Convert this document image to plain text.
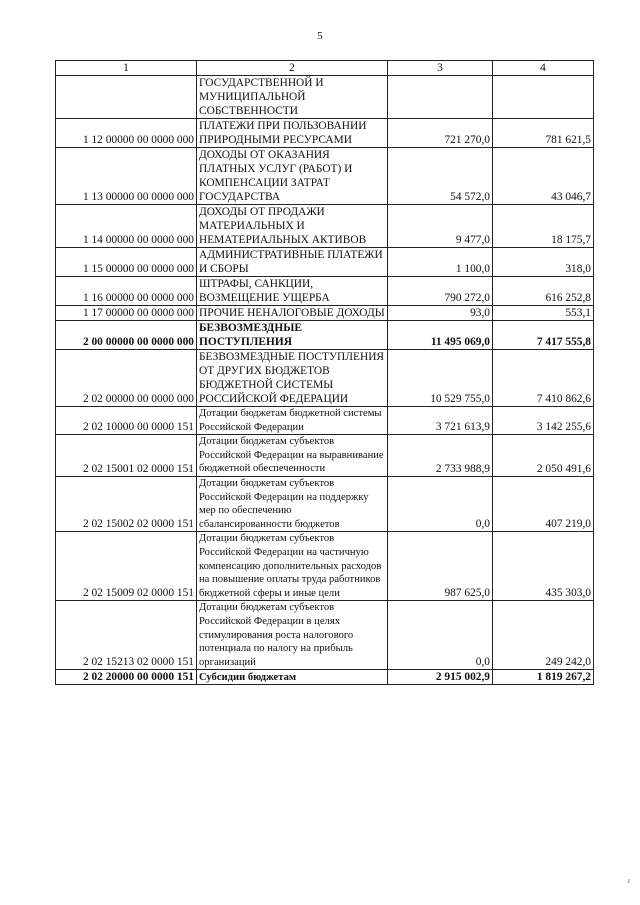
5
1	2	3	4
	ГОСУДАРСТВЕННОЙ И МУНИЦИПАЛЬНОЙ СОБСТВЕННОСТИ		
1 12 00000 00 0000 000	ПЛАТЕЖИ ПРИ ПОЛЬЗОВАНИИ ПРИРОДНЫМИ РЕСУРСАМИ	721 270,0	781 621,5
1 13 00000 00 0000 000	ДОХОДЫ ОТ ОКАЗАНИЯ ПЛАТНЫХ УСЛУГ (РАБОТ) И КОМПЕНСАЦИИ ЗАТРАТ ГОСУДАРСТВА	54 572,0	43 046,7
1 14 00000 00 0000 000	ДОХОДЫ ОТ ПРОДАЖИ МАТЕРИАЛЬНЫХ И НЕМАТЕРИАЛЬНЫХ АКТИВОВ	9 477,0	18 175,7
1 15 00000 00 0000 000	АДМИНИСТРАТИВНЫЕ ПЛАТЕЖИ И СБОРЫ	1 100,0	318,0
1 16 00000 00 0000 000	ШТРАФЫ, САНКЦИИ, ВОЗМЕЩЕНИЕ УЩЕРБА	790 272,0	616 252,8
1 17 00000 00 0000 000	ПРОЧИЕ НЕНАЛОГОВЫЕ ДОХОДЫ	93,0	553,1
2 00 00000 00 0000 000	БЕЗВОЗМЕЗДНЫЕ ПОСТУПЛЕНИЯ	11 495 069,0	7 417 555,8
2 02 00000 00 0000 000	БЕЗВОЗМЕЗДНЫЕ ПОСТУПЛЕНИЯ ОТ ДРУГИХ БЮДЖЕТОВ БЮДЖЕТНОЙ СИСТЕМЫ РОССИЙСКОЙ ФЕДЕРАЦИИ	10 529 755,0	7 410 862,6
2 02 10000 00 0000 151	Дотации бюджетам бюджетной системы Российской Федерации	3 721 613,9	3 142 255,6
2 02 15001 02 0000 151	Дотации бюджетам субъектов Российской Федерации на выравнивание бюджетной обеспеченности	2 733 988,9	2 050 491,6
2 02 15002 02 0000 151	Дотации бюджетам субъектов Российской Федерации на поддержку мер по обеспечению сбалансированности бюджетов	0,0	407 219,0
2 02 15009 02 0000 151	Дотации бюджетам субъектов Российской Федерации на частичную компенсацию дополнительных расходов на повышение оплаты труда работников бюджетной сферы и иные цели	987 625,0	435 303,0
2 02 15213 02 0000 151	Дотации бюджетам субъектов Российской Федерации в целях стимулирования роста налогового потенциала по налогу на прибыль организаций	0,0	249 242,0
2 02 20000 00 0000 151	Субсидии бюджетам	2 915 002,9	1 819 267,2
ı
